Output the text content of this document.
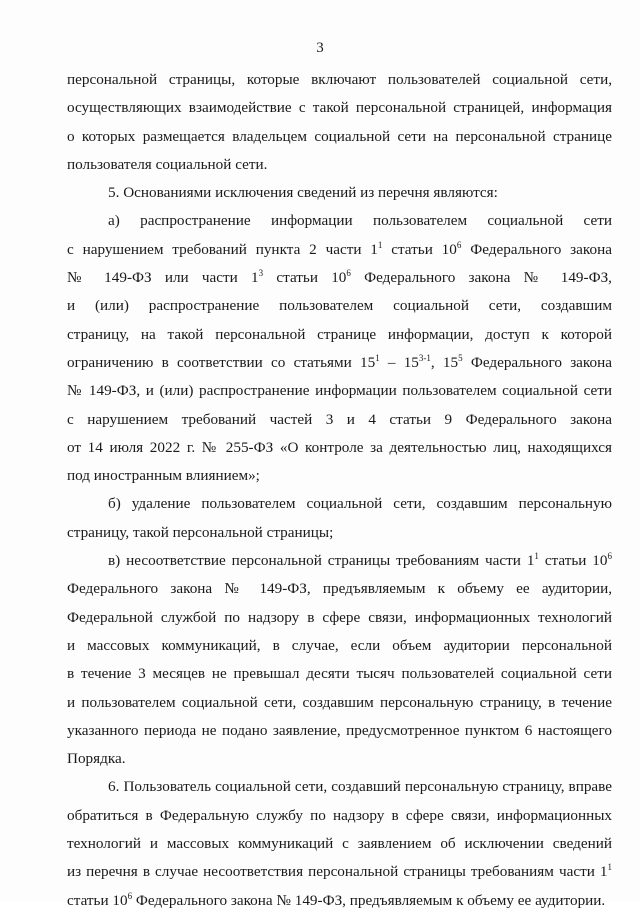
3
персональной страницы, которые включают пользователей социальной сети,
осуществляющих взаимодействие с такой персональной страницей, информация
о которых размещается владельцем социальной сети на персональной странице
пользователя социальной сети.
5. Основаниями исключения сведений из перечня являются:
а) распространение информации пользователем социальной сети
с нарушением требований пункта 2 части $1^1$ статьи $10^6$ Федерального закона
№ 149-ФЗ или части $1^3$ статьи $10^6$ Федерального закона № 149-ФЗ,
и (или) распространение пользователем социальной сети, создавшим
страницу, на такой персональной странице информации, доступ к которой
ограничению в соответствии со статьями $15^1 - 15^{3-1}$, $15^5$ Федерального закона
№ 149-ФЗ, и (или) распространение информации пользователем социальной сети
с нарушением требований частей 3 и 4 статьи 9 Федерального закона
от 14 июля 2022 г. № 255-ФЗ «О контроле за деятельностью лиц, находящихся
под иностранным влиянием»;
б) удаление пользователем социальной сети, создавшим персональную
страницу, такой персональной страницы;
в) несоответствие персональной страницы требованиям части $1^1$ статьи $10^6$
Федерального закона № 149-ФЗ, предъявляемым к объему ее аудитории,
Федеральной службой по надзору в сфере связи, информационных технологий
и массовых коммуникаций, в случае, если объем аудитории персональной
в течение 3 месяцев не превышал десяти тысяч пользователей социальной сети
и пользователем социальной сети, создавшим персональную страницу, в течение
указанного периода не подано заявление, предусмотренное пунктом 6 настоящего
Порядка.
6. Пользователь социальной сети, создавший персональную страницу, вправе
обратиться в Федеральную службу по надзору в сфере связи, информационных
технологий и массовых коммуникаций с заявлением об исключении сведений
из перечня в случае несоответствия персональной страницы требованиям части $1^1$
статьи $10^6$ Федерального закона № 149-ФЗ, предъявляемым к объему ее аудитории.
